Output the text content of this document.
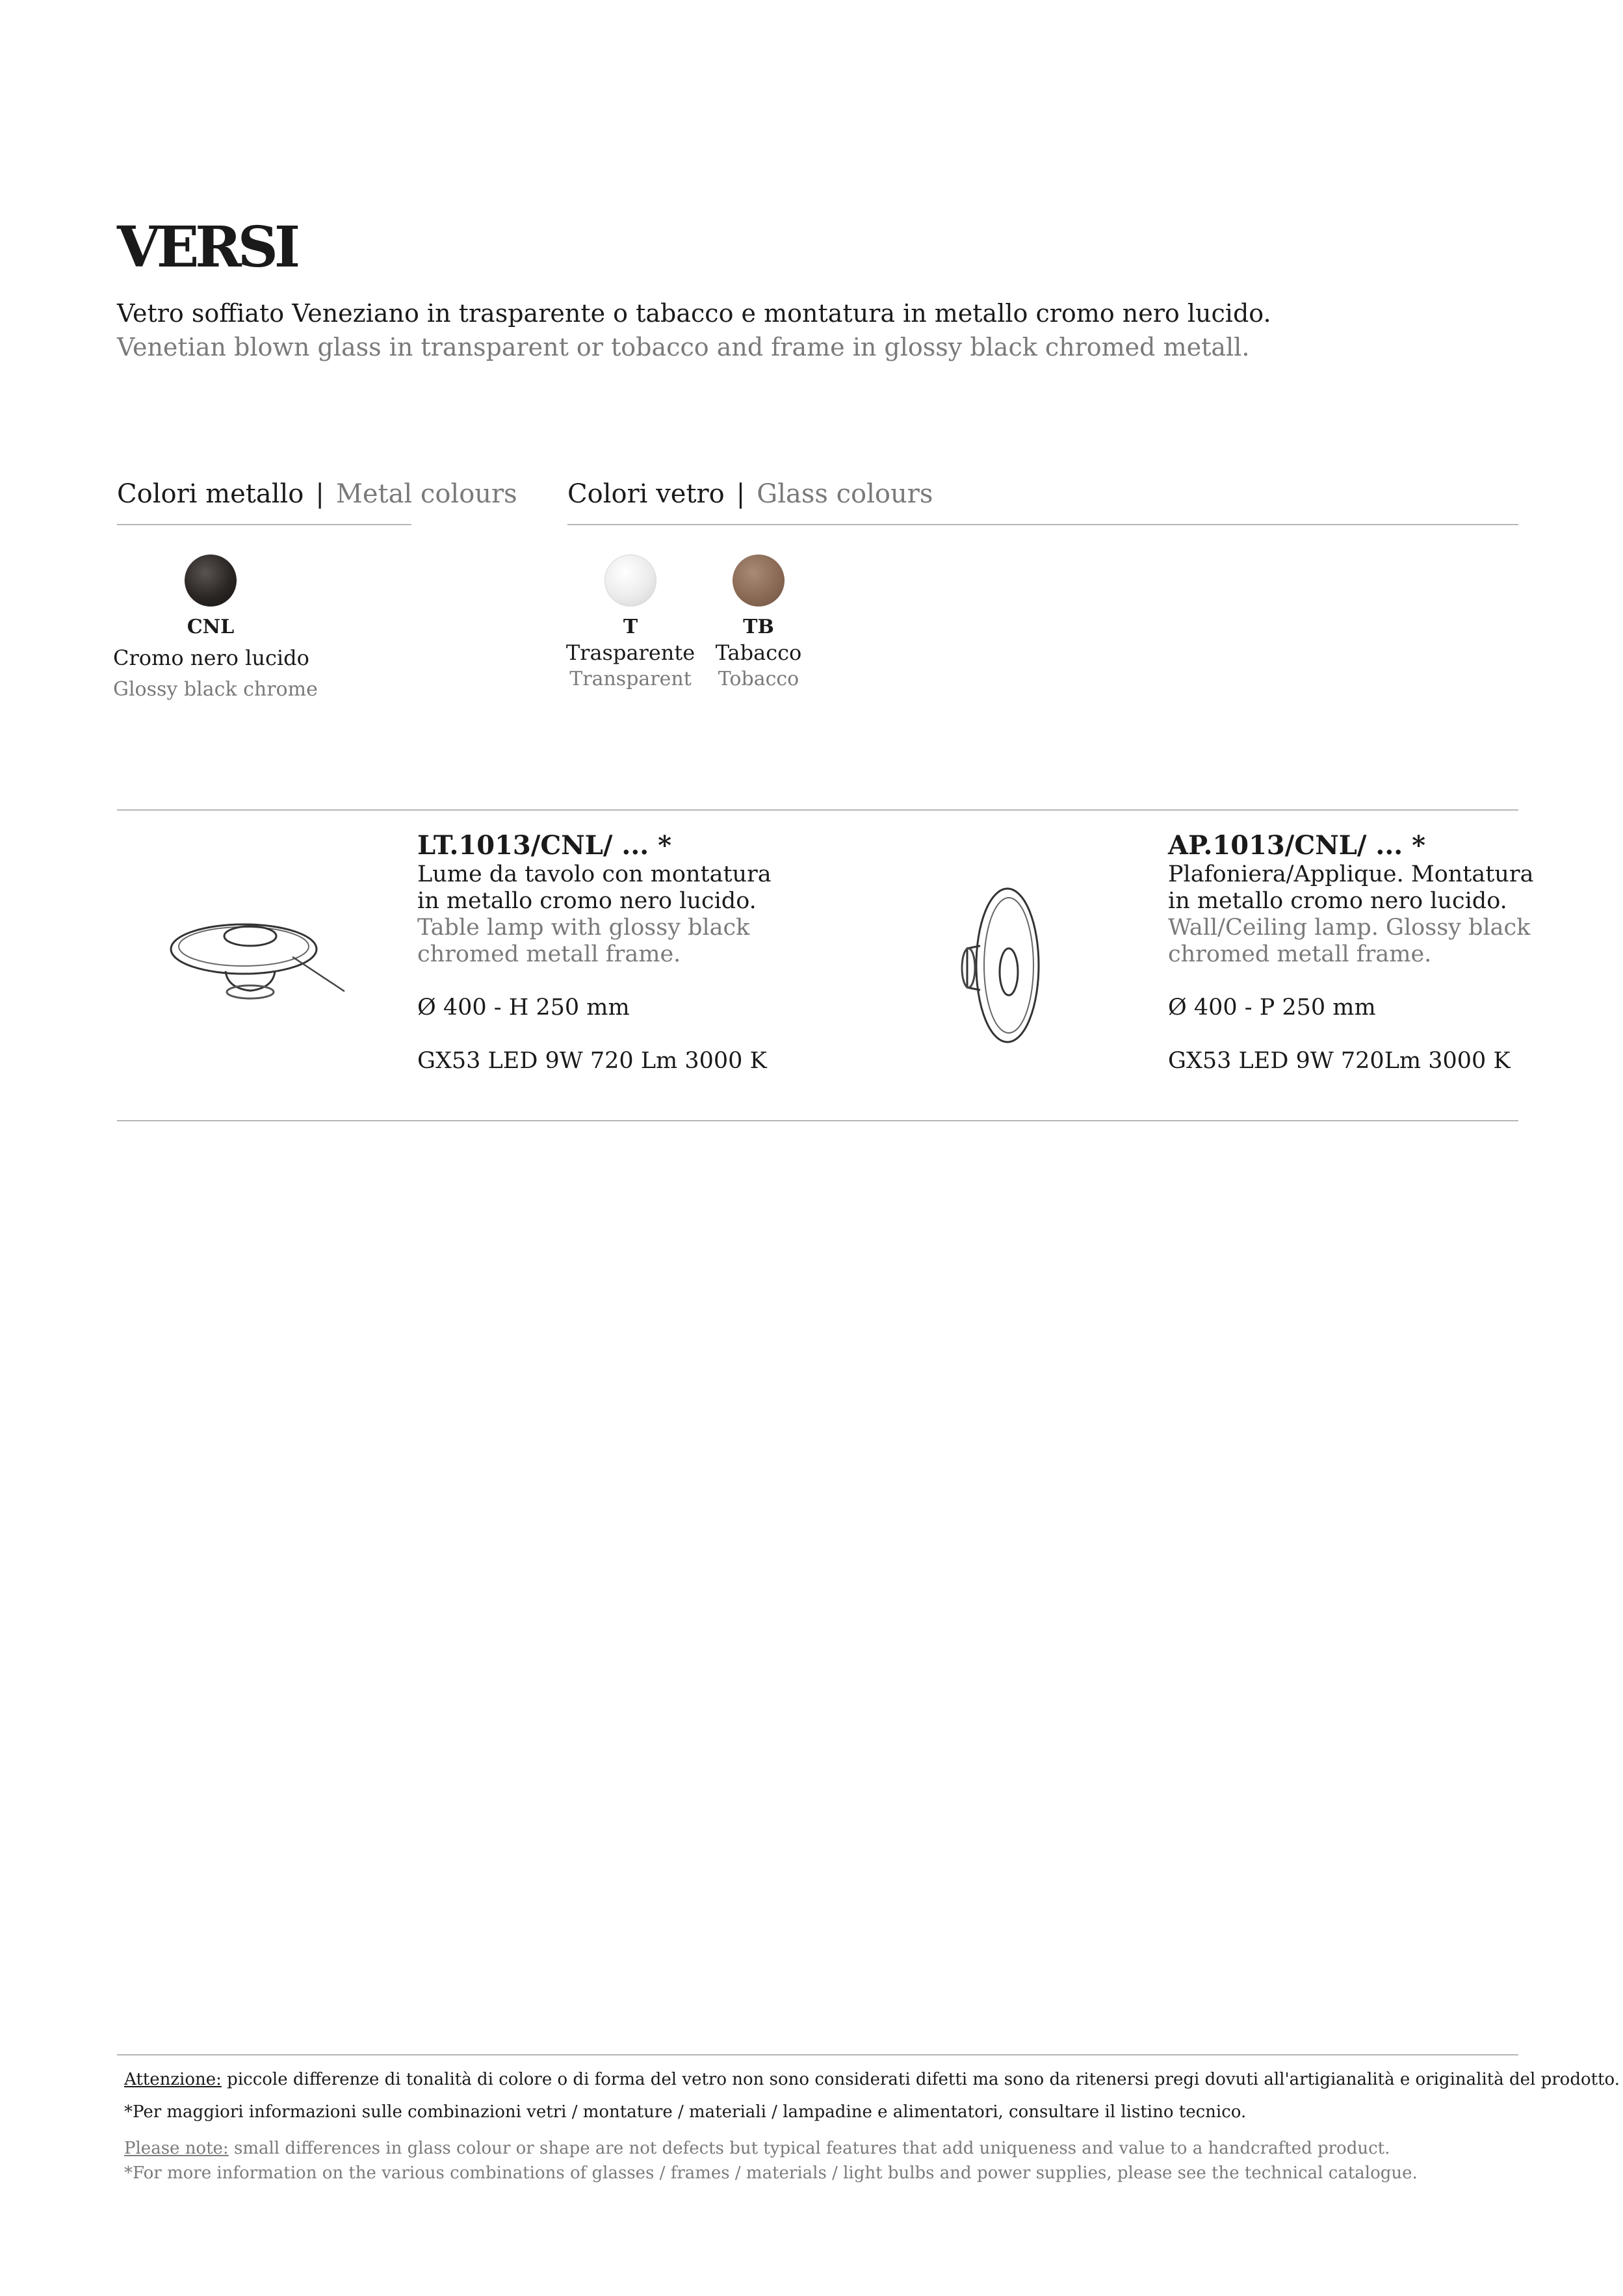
VERSI
Vetro soffiato Veneziano in trasparente o tabacco e montatura in metallo cromo nero lucido.
Venetian blown glass in transparent or tobacco and frame in glossy black chromed metall.
Colori metallo | Metal colours
CNL
Cromo nero lucido
Glossy black chrome
Colori vetro | Glass colours
T
Trasparente
Transparent
TB
Tabacco
Tobacco
LT.1013/CNL/ ... *
Lume da tavolo con montatura
in metallo cromo nero lucido.
Table lamp with glossy black
chromed metall frame.
Ø 400 - H 250 mm
GX53 LED 9W 720 Lm 3000 K
AP.1013/CNL/ ... *
Plafoniera/Applique. Montatura
in metallo cromo nero lucido.
Wall/Ceiling lamp. Glossy black
chromed metall frame.
Ø 400 - P 250 mm
GX53 LED 9W 720Lm 3000 K
Attenzione: piccole differenze di tonalità di colore o di forma del vetro non sono considerati difetti ma sono da ritenersi pregi dovuti all'artigianalità e originalità del prodotto.
*Per maggiori informazioni sulle combinazioni vetri / montature / materiali / lampadine e alimentatori, consultare il listino tecnico.
Please note: small differences in glass colour or shape are not defects but typical features that add uniqueness and value to a handcrafted product.
*For more information on the various combinations of glasses / frames / materials / light bulbs and power supplies, please see the technical catalogue.
